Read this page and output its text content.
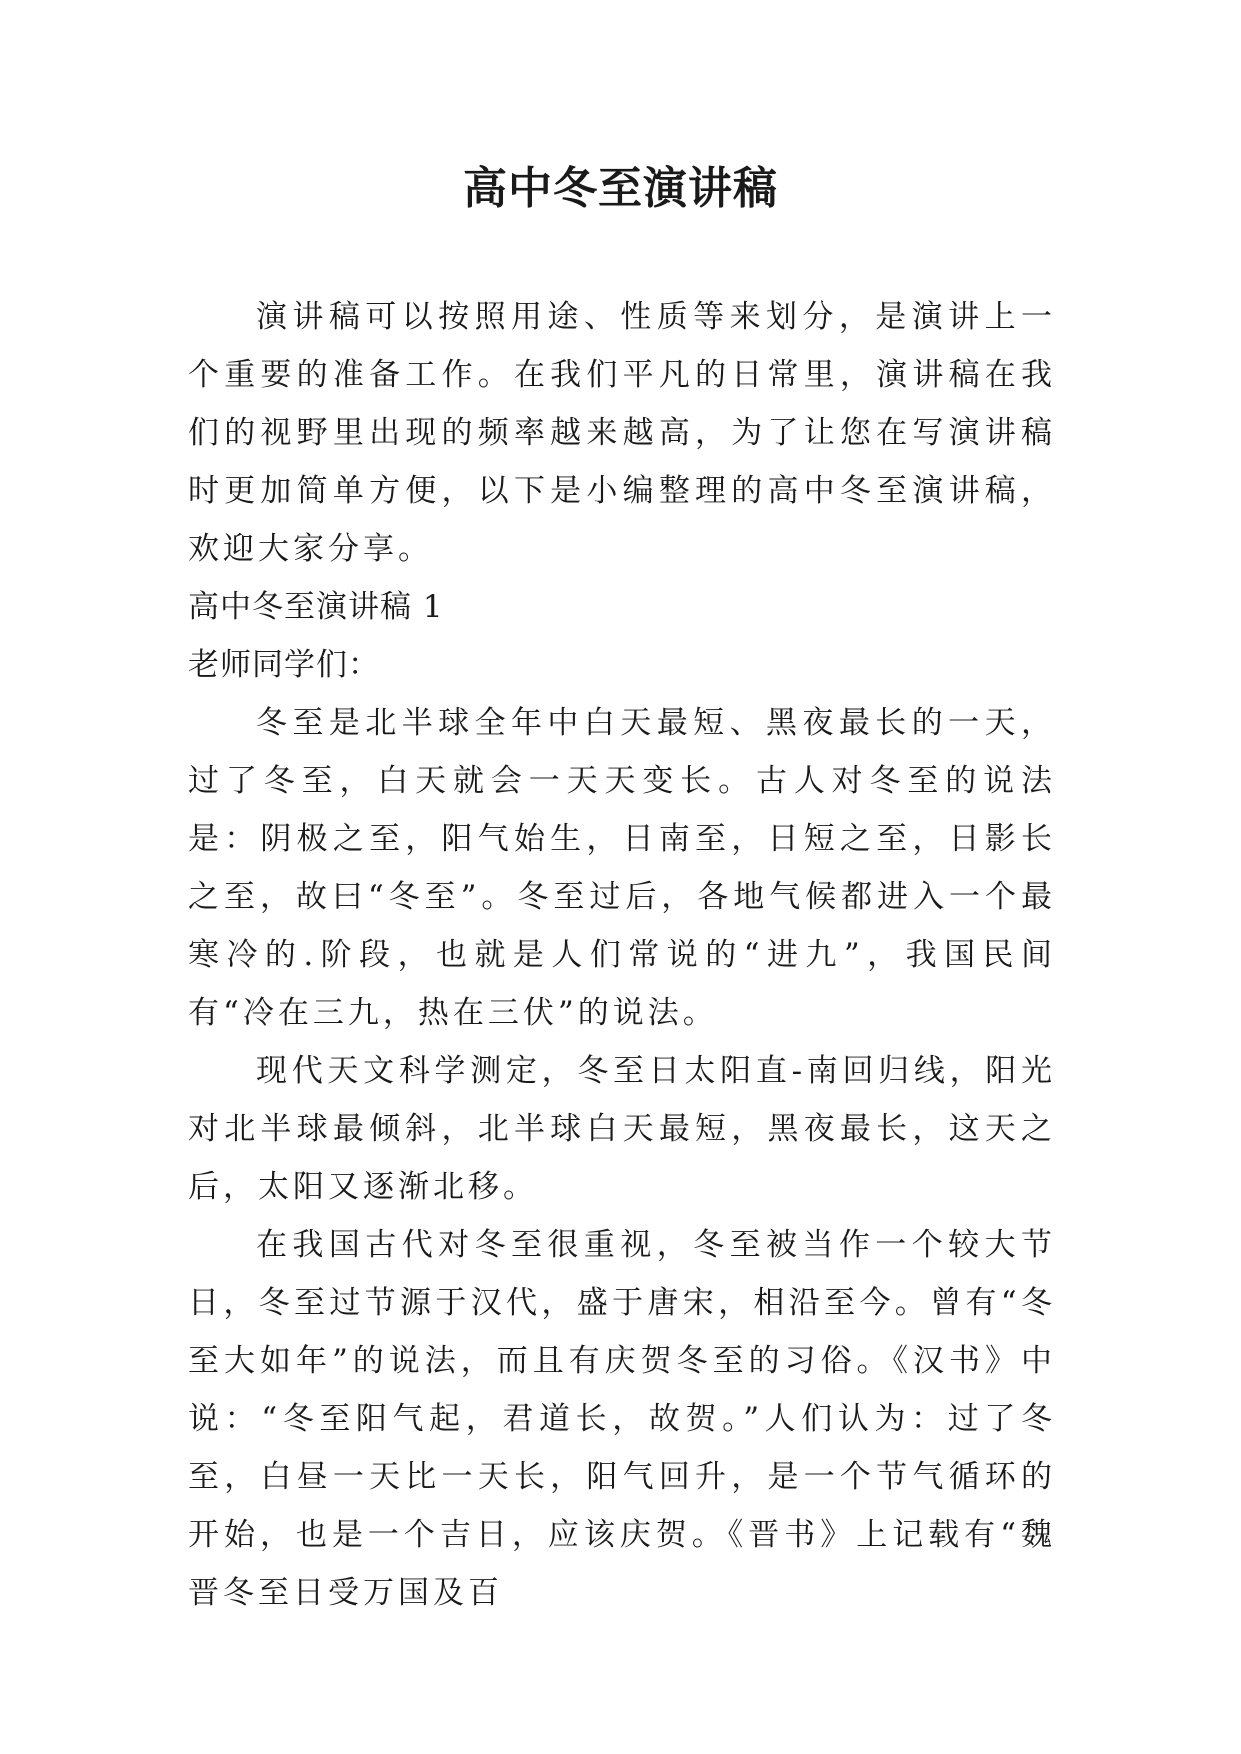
高中冬至演讲稿

演讲稿可以按照用途、性质等来划分，是演讲上一个重要的准备工作。在我们平凡的日常里，演讲稿在我们的视野里出现的频率越来越高，为了让您在写演讲稿时更加简单方便，以下是小编整理的高中冬至演讲稿，欢迎大家分享。

高中冬至演讲稿 1
老师同学们：

冬至是北半球全年中白天最短、黑夜最长的一天，过了冬至，白天就会一天天变长。古人对冬至的说法是：阴极之至，阳气始生，日南至，日短之至，日影长之至，故曰“冬至”。冬至过后，各地气候都进入一个最寒冷的.阶段，也就是人们常说的“进九”，我国民间有“冷在三九，热在三伏”的说法。

现代天文科学测定，冬至日太阳直-南回归线，阳光对北半球最倾斜，北半球白天最短，黑夜最长，这天之后，太阳又逐渐北移。

在我国古代对冬至很重视，冬至被当作一个较大节日，冬至过节源于汉代，盛于唐宋，相沿至今。曾有“冬至大如年”的说法，而且有庆贺冬至的习俗。《汉书》中说：“冬至阳气起，君道长，故贺。”人们认为：过了冬至，白昼一天比一天长，阳气回升，是一个节气循环的开始，也是一个吉日，应该庆贺。《晋书》上记载有“魏晋冬至日受万国及百
